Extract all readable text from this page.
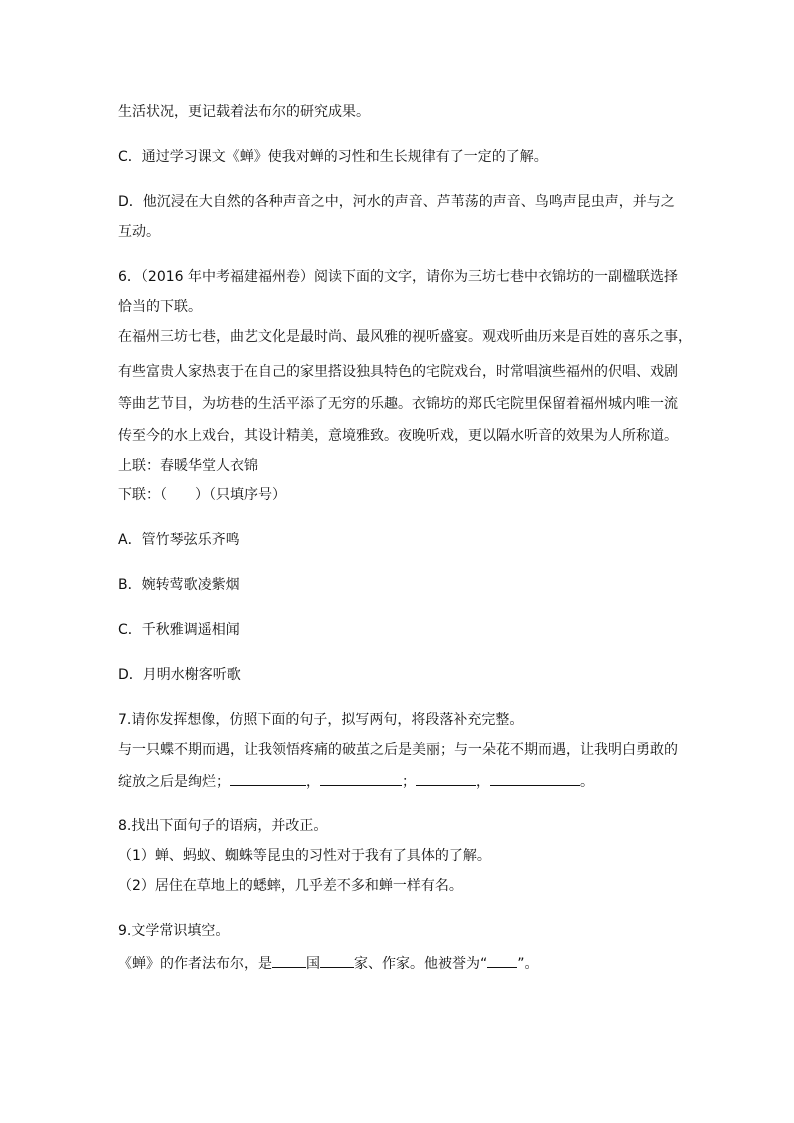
生活状况，更记载着法布尔的研究成果。
C．通过学习课文《蝉》使我对蝉的习性和生长规律有了一定的了解。
D．他沉浸在大自然的各种声音之中，河水的声音、芦苇荡的声音、鸟鸣声昆虫声，并与之
互动。
6．（2016 年中考福建福州卷）阅读下面的文字，请你为三坊七巷中衣锦坊的一副楹联选择
恰当的下联。
在福州三坊七巷，曲艺文化是最时尚、最风雅的视听盛宴。观戏听曲历来是百姓的喜乐之事，
有些富贵人家热衷于在自己的家里搭设独具特色的宅院戏台，时常唱演些福州的伬唱、戏剧
等曲艺节目，为坊巷的生活平添了无穷的乐趣。衣锦坊的郑氏宅院里保留着福州城内唯一流
传至今的水上戏台，其设计精美，意境雅致。夜晚听戏，更以隔水听音的效果为人所称道。
上联：春暖华堂人衣锦
下联：（　　）（只填序号）
A．管竹琴弦乐齐鸣
B．婉转莺歌凌紫烟
C．千秋雅调遥相闻
D．月明水榭客听歌
7.请你发挥想像，仿照下面的句子，拟写两句，将段落补充完整。
与一只蝶不期而遇，让我领悟疼痛的破茧之后是美丽；与一朵花不期而遇，让我明白勇敢的
绽放之后是绚烂；	，	；	，	。
8.找出下面句子的语病，并改正。
（1）蝉、蚂蚁、蜘蛛等昆虫的习性对于我有了具体的了解。
（2）居住在草地上的蟋蟀，几乎差不多和蝉一样有名。
9.文学常识填空。
《蝉》的作者法布尔，是 国 家、作家。他被誉为“ ”。
